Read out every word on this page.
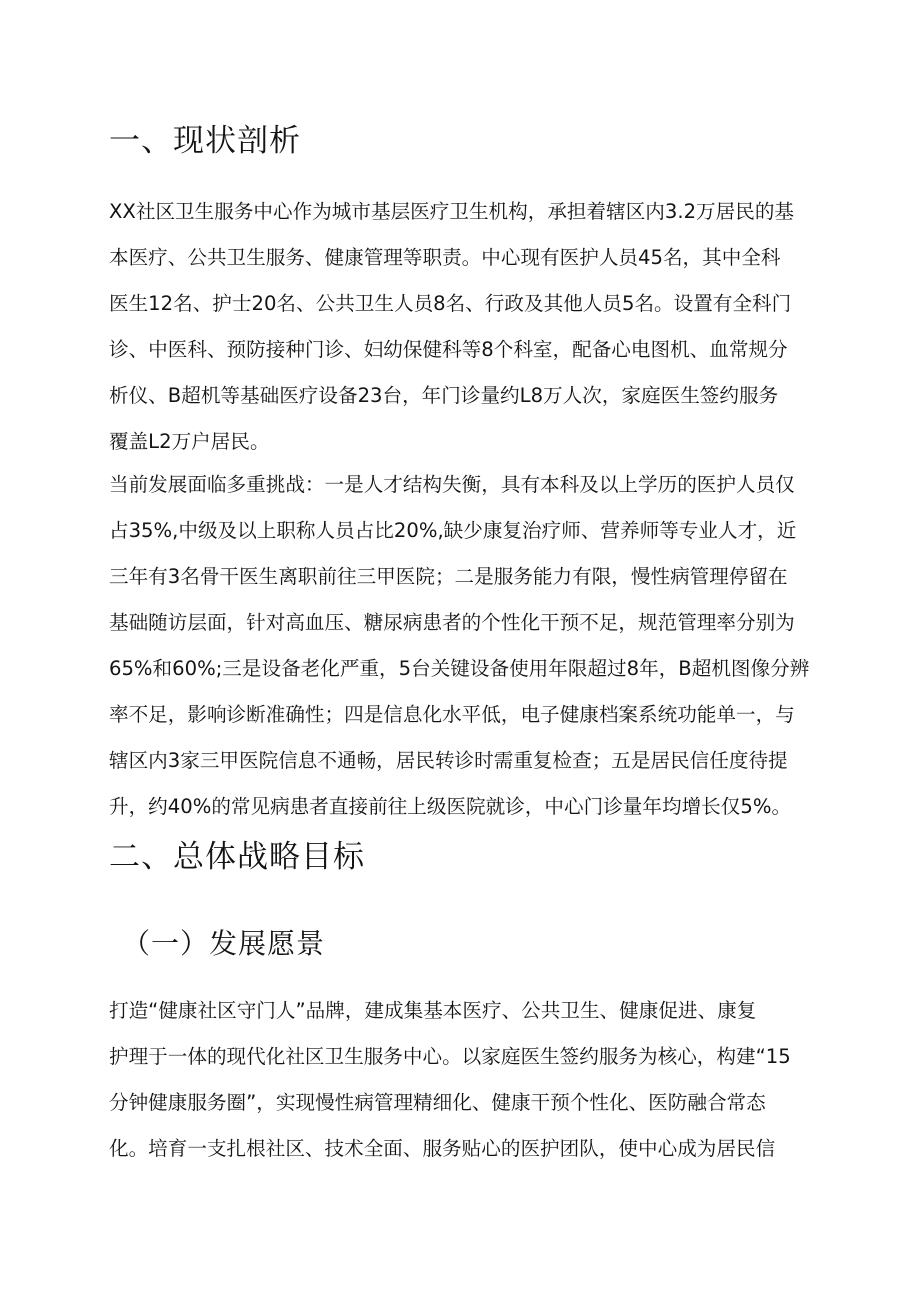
一、现状剖析
XX社区卫生服务中心作为城市基层医疗卫生机构，承担着辖区内3.2万居民的基
本医疗、公共卫生服务、健康管理等职责。中心现有医护人员45名，其中全科
医生12名、护士20名、公共卫生人员8名、行政及其他人员5名。设置有全科门
诊、中医科、预防接种门诊、妇幼保健科等8个科室，配备心电图机、血常规分
析仪、B超机等基础医疗设备23台，年门诊量约L8万人次，家庭医生签约服务
覆盖L2万户居民。
当前发展面临多重挑战：一是人才结构失衡，具有本科及以上学历的医护人员仅
占35%,中级及以上职称人员占比20%,缺少康复治疗师、营养师等专业人才，近
三年有3名骨干医生离职前往三甲医院；二是服务能力有限，慢性病管理停留在
基础随访层面，针对高血压、糖尿病患者的个性化干预不足，规范管理率分别为
65%和60%;三是设备老化严重，5台关键设备使用年限超过8年，B超机图像分辨
率不足，影响诊断准确性；四是信息化水平低，电子健康档案系统功能单一，与
辖区内3家三甲医院信息不通畅，居民转诊时需重复检查；五是居民信任度待提
升，约40%的常见病患者直接前往上级医院就诊，中心门诊量年均增长仅5%。
二、总体战略目标
（一）发展愿景
打造“健康社区守门人”品牌，建成集基本医疗、公共卫生、健康促进、康复
护理于一体的现代化社区卫生服务中心。以家庭医生签约服务为核心，构建“15
分钟健康服务圈”，实现慢性病管理精细化、健康干预个性化、医防融合常态
化。培育一支扎根社区、技术全面、服务贴心的医护团队，使中心成为居民信
